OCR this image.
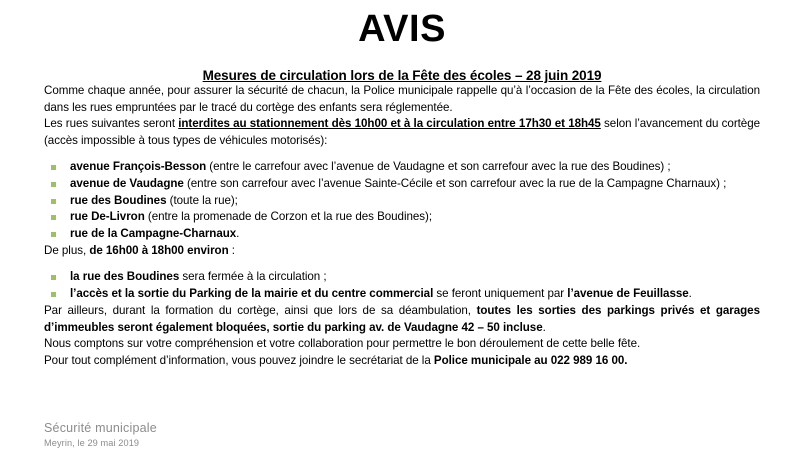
AVIS
Mesures de circulation lors de la Fête des écoles – 28 juin 2019

Comme chaque année, pour assurer la sécurité de chacun, la Police municipale rappelle qu’à l’occasion de la Fête des écoles, la circulation dans les rues empruntées par le tracé du cortège des enfants sera réglementée.

Les rues suivantes seront interdites au stationnement dès 10h00 et à la circulation entre 17h30 et 18h45 selon l’avancement du cortège (accès impossible à tous types de véhicules motorisés):

avenue François-Besson (entre le carrefour avec l’avenue de Vaudagne et son carrefour avec la rue des Boudines) ;
avenue de Vaudagne (entre son carrefour avec l’avenue Sainte-Cécile et son carrefour avec la rue de la Campagne Charnaux) ;
rue des Boudines (toute la rue);
rue De-Livron (entre la promenade de Corzon et la rue des Boudines);
rue de la Campagne-Charnaux.

De plus, de 16h00 à 18h00 environ :

la rue des Boudines sera fermée à la circulation ;
l’accès et la sortie du Parking de la mairie et du centre commercial se feront uniquement par l’avenue de Feuillasse.

Par ailleurs, durant la formation du cortège, ainsi que lors de sa déambulation, toutes les sorties des parkings privés et garages d’immeubles seront également bloquées, sortie du parking av. de Vaudagne 42 – 50 incluse.

Nous comptons sur votre compréhension et votre collaboration pour permettre le bon déroulement de cette belle fête.

Pour tout complément d’information, vous pouvez joindre le secrétariat de la Police municipale au 022 989 16 00.

Sécurité municipale
Meyrin, le 29 mai 2019
